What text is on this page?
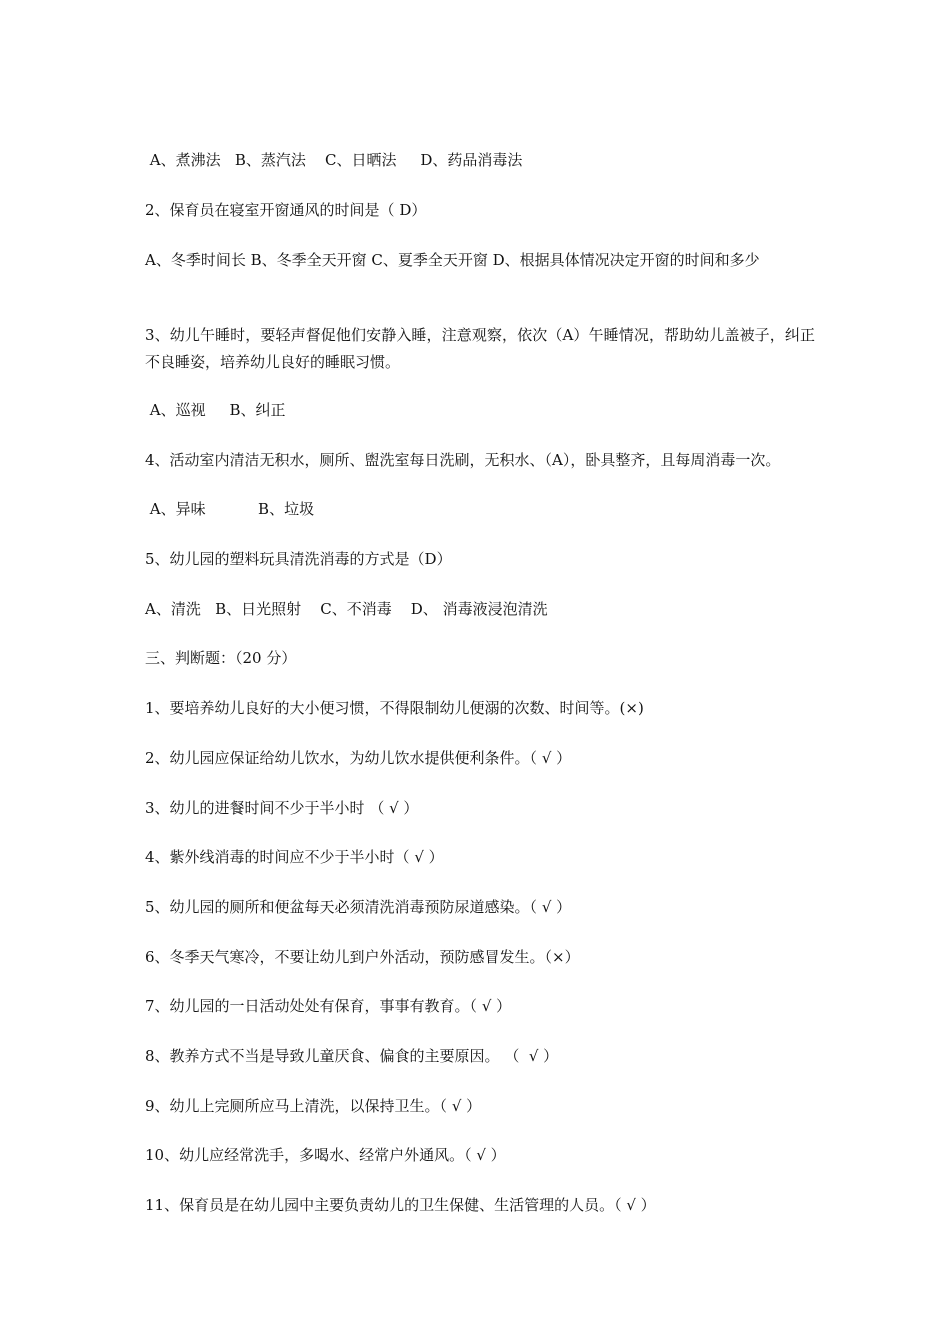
A、煮沸法   B、蒸汽法    C、日晒法     D、药品消毒法
2、保育员在寝室开窗通风的时间是（ D）
A、冬季时间长 B、冬季全天开窗 C、夏季全天开窗 D、根据具体情况决定开窗的时间和多少
3、幼儿午睡时，要轻声督促他们安静入睡，注意观察，依次（A）午睡情况，帮助幼儿盖被子，纠正不良睡姿，培养幼儿良好的睡眠习惯。
A、巡视     B、纠正
4、活动室内清洁无积水，厕所、盥洗室每日洗刷，无积水、（A），卧具整齐，且每周消毒一次。
A、异味           B、垃圾
5、幼儿园的塑料玩具清洗消毒的方式是（D）
A、清洗   B、日光照射    C、不消毒    D、 消毒液浸泡清洗
三、判断题：（20 分）
1、要培养幼儿良好的大小便习惯，不得限制幼儿便溺的次数、时间等。(×)
2、幼儿园应保证给幼儿饮水，为幼儿饮水提供便利条件。（ √ ）
3、幼儿的进餐时间不少于半小时 （ √ ）
4、紫外线消毒的时间应不少于半小时（ √ ）
5、幼儿园的厕所和便盆每天必须清洗消毒预防尿道感染。（ √ ）
6、冬季天气寒冷，不要让幼儿到户外活动，预防感冒发生。（×）
7、幼儿园的一日活动处处有保育，事事有教育。（ √ ）
8、教养方式不当是导致儿童厌食、偏食的主要原因。 （  √ ）
9、幼儿上完厕所应马上清洗，以保持卫生。（ √ ）
10、幼儿应经常洗手，多喝水、经常户外通风。（ √ ）
11、保育员是在幼儿园中主要负责幼儿的卫生保健、生活管理的人员。（ √ ）
